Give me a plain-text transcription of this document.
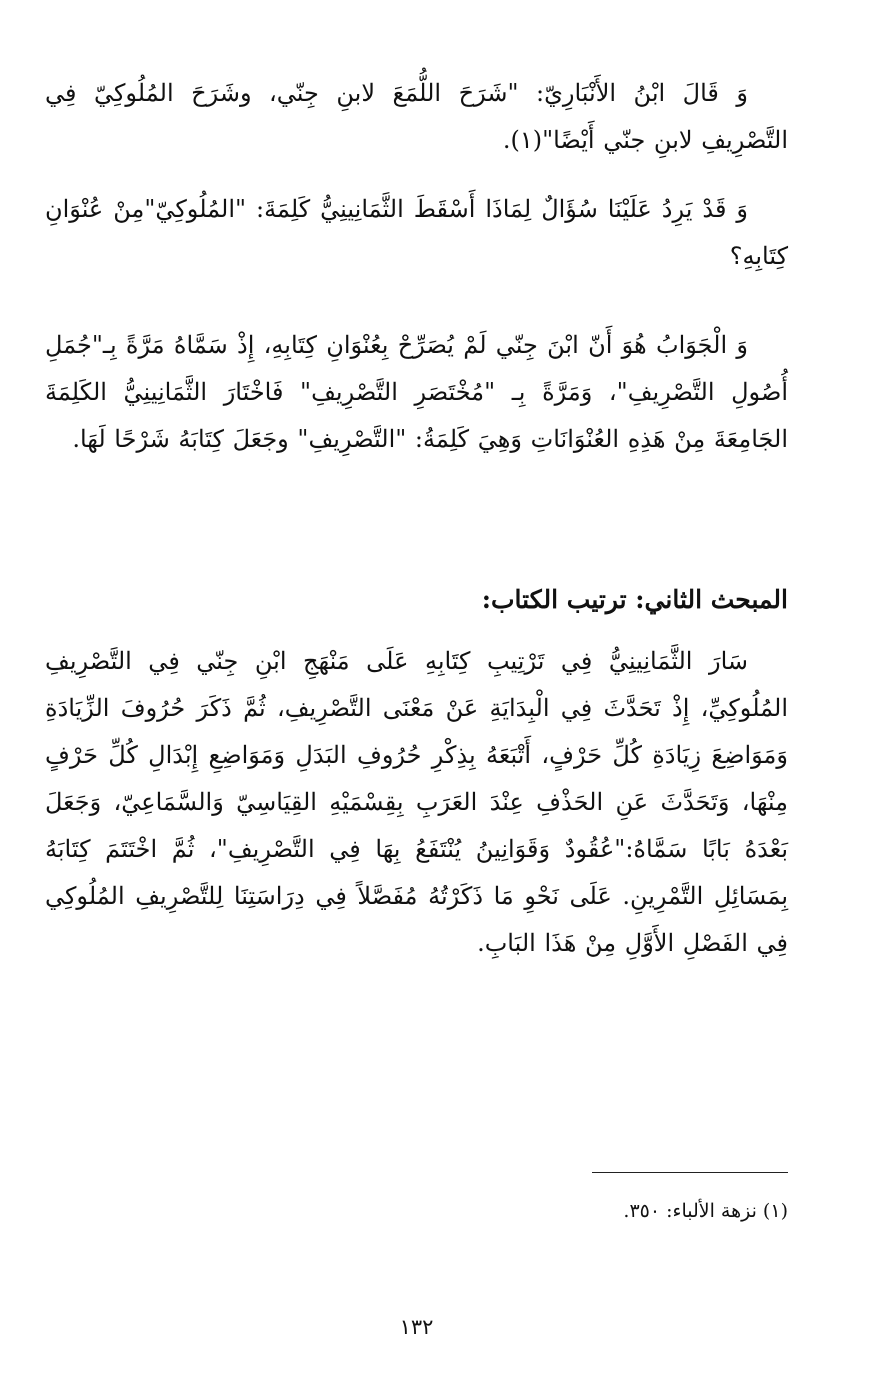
وَ قَالَ ابْنُ الأَنْبَارِيّ: "شَرَحَ اللُّمَعَ لابنِ جِنّي، وشَرَحَ المُلُوكِيّ فِي التَّصْرِيفِ لابنِ جنّي أَيْضًا"(١).

وَ قَدْ يَرِدُ عَلَيْنَا سُؤَالٌ لِمَاذَا أَسْقَطَ الثَّمَانِينِيُّ كَلِمَةَ: "المُلُوكِيّ"مِنْ عُنْوَانِ كِتَابِهِ؟

وَ الْجَوَابُ هُوَ أَنّ ابْنَ جِنّي لَمْ يُصَرِّحْ بِعُنْوَانِ كِتَابِهِ، إِذْ سَمَّاهُ مَرَّةً بِـ"جُمَلِ أُصُولِ التَّصْرِيفِ"، وَمَرَّةً بِـ "مُخْتَصَرِ التَّصْرِيفِ" فَاخْتَارَ الثَّمَانِينِيُّ الكَلِمَةَ الجَامِعَةَ مِنْ هَذِهِ العُنْوَانَاتِ وَهِيَ كَلِمَةُ: "التَّصْرِيفِ" وجَعَلَ كِتَابَهُ شَرْحًا لَهَا.

المبحث الثاني: ترتيب الكتاب:

سَارَ الثَّمَانِينِيُّ فِي تَرْتِيبِ كِتَابِهِ عَلَى مَنْهَجِ ابْنِ جِنّي فِي التَّصْرِيفِ المُلُوكِيِّ، إِذْ تَحَدَّثَ فِي الْبِدَايَةِ عَنْ مَعْنَى التَّصْرِيفِ، ثُمَّ ذَكَرَ حُرُوفَ الزِّيَادَةِ وَمَوَاضِعَ زِيَادَةِ كُلِّ حَرْفٍ، أَتْبَعَهُ بِذِكْرِ حُرُوفِ البَدَلِ وَمَوَاضِعِ إِبْدَالِ كُلِّ حَرْفٍ مِنْهَا، وَتَحَدَّثَ عَنِ الحَذْفِ عِنْدَ العَرَبِ بِقِسْمَيْهِ القِيَاسِيّ وَالسَّمَاعِيّ، وَجَعَلَ بَعْدَهُ بَابًا سَمَّاهُ:"عُقُودٌ وَقَوَانِينُ يُنْتَفَعُ بِهَا فِي التَّصْرِيفِ"، ثُمَّ اخْتَتَمَ كِتَابَهُ بِمَسَائِلِ التَّمْرِينِ. عَلَى نَحْوِ مَا ذَكَرْتُهُ مُفَصَّلاً فِي دِرَاسَتِنَا لِلتَّصْرِيفِ المُلُوكِي فِي الفَصْلِ الأَوَّلِ مِنْ هَذَا البَابِ.

(١) نزهة الألباء: ٣٥٠.

١٣٢
